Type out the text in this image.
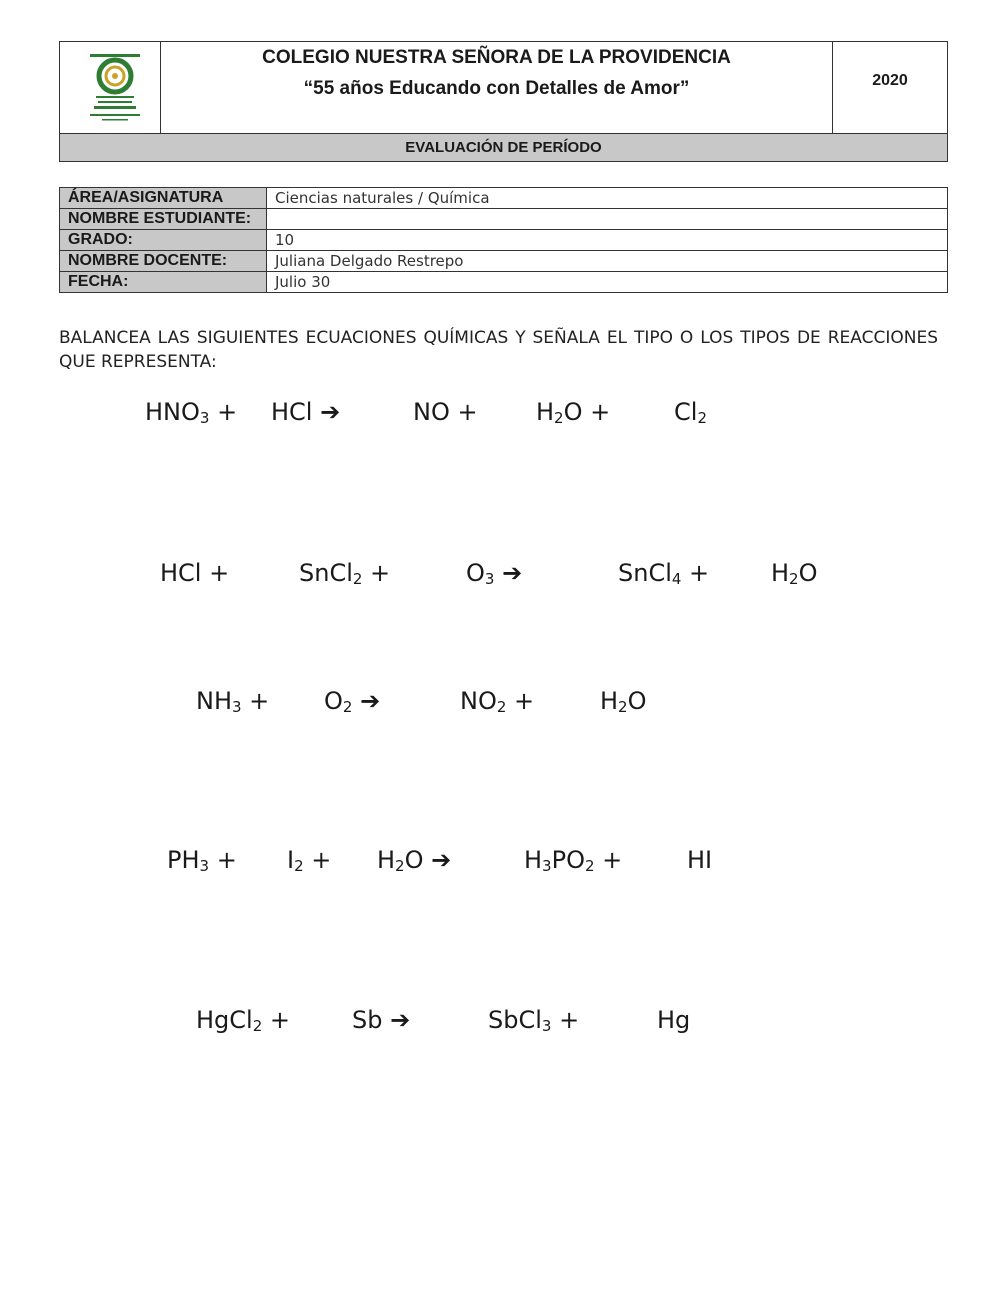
COLEGIO NUESTRA SEÑORA DE LA PROVIDENCIA
“55 años Educando con Detalles de Amor”	2020
EVALUACIÓN DE PERÍODO
ÁREA/ASIGNATURA	Ciencias naturales / Química
NOMBRE ESTUDIANTE:	
GRADO:	10
NOMBRE DOCENTE:	Juliana Delgado Restrepo
FECHA:	Julio 30
BALANCEA LAS SIGUIENTES ECUACIONES QUÍMICAS Y SEÑALA EL TIPO O LOS TIPOS DE REACCIONES QUE REPRESENTA:
$HNO_3$ + HCl ➔	NO + $H_2O$ +	$Cl_2$
HCl +	SnCl$_2$ +	$O_3$ ➔	SnCl$_4$ +	$H_2O$
$NH_3 + O_2$ ➔	$NO_2$ +	$H_2O$
$PH_3 + I_2 + H_2O$ ➔	$H_3PO_2$ +	HI
HgCl$_2$ +	Sb ➔	SbCl$_3$ +	Hg
